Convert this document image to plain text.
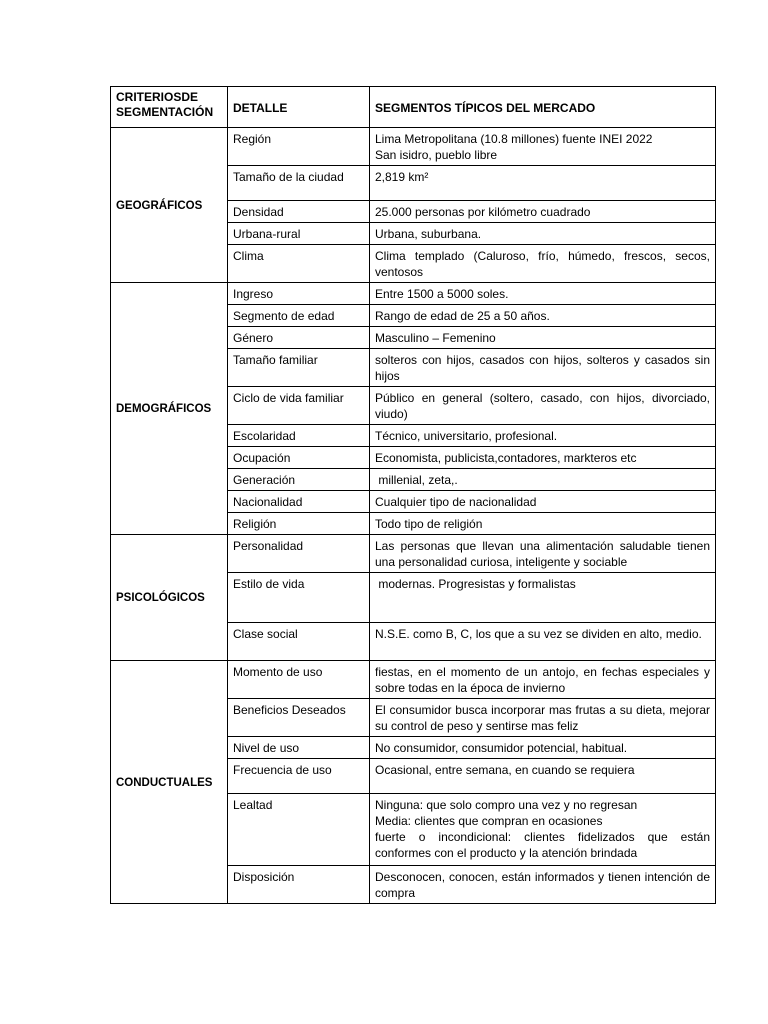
CRITERIOSDE
SEGMENTACIÓN	DETALLE	SEGMENTOS TÍPICOS DEL MERCADO
GEOGRÁFICOS	Región	Lima Metropolitana (10.8 millones) fuente INEI 2022
San isidro, pueblo libre
	Tamaño de la ciudad	2,819 km²
	Densidad	25.000 personas por kilómetro cuadrado
	Urbana-rural	Urbana, suburbana.
	Clima	Clima templado (Caluroso, frío, húmedo, frescos, secos, ventosos
DEMOGRÁFICOS	Ingreso	Entre 1500 a 5000 soles.
	Segmento de edad	Rango de edad de 25 a 50 años.
	Género	Masculino – Femenino
	Tamaño familiar	solteros con hijos, casados con hijos, solteros y casados sin hijos
	Ciclo de vida familiar	Público en general (soltero, casado, con hijos, divorciado, viudo)
	Escolaridad	Técnico, universitario, profesional.
	Ocupación	Economista, publicista,contadores, markteros etc
	Generación	millenial, zeta,.
	Nacionalidad	Cualquier tipo de nacionalidad
	Religión	Todo tipo de religión
PSICOLÓGICOS	Personalidad	Las personas que llevan una alimentación saludable tienen una personalidad curiosa, inteligente y sociable
	Estilo de vida	modernas. Progresistas y formalistas
	Clase social	N.S.E. como B, C, los que a su vez se dividen en alto, medio.
CONDUCTUALES	Momento de uso	fiestas, en el momento de un antojo, en fechas especiales y sobre todas en la época de invierno
	Beneficios Deseados	El consumidor busca incorporar mas frutas a su dieta, mejorar su control de peso y sentirse mas feliz
	Nivel de uso	No consumidor, consumidor potencial, habitual.
	Frecuencia de uso	Ocasional, entre semana, en cuando se requiera
	Lealtad	Ninguna: que solo compro una vez y no regresan
Media: clientes que compran en ocasiones
fuerte o incondicional: clientes fidelizados que están conformes con el producto y la atención brindada
	Disposición	Desconocen, conocen, están informados y tienen intención de compra
